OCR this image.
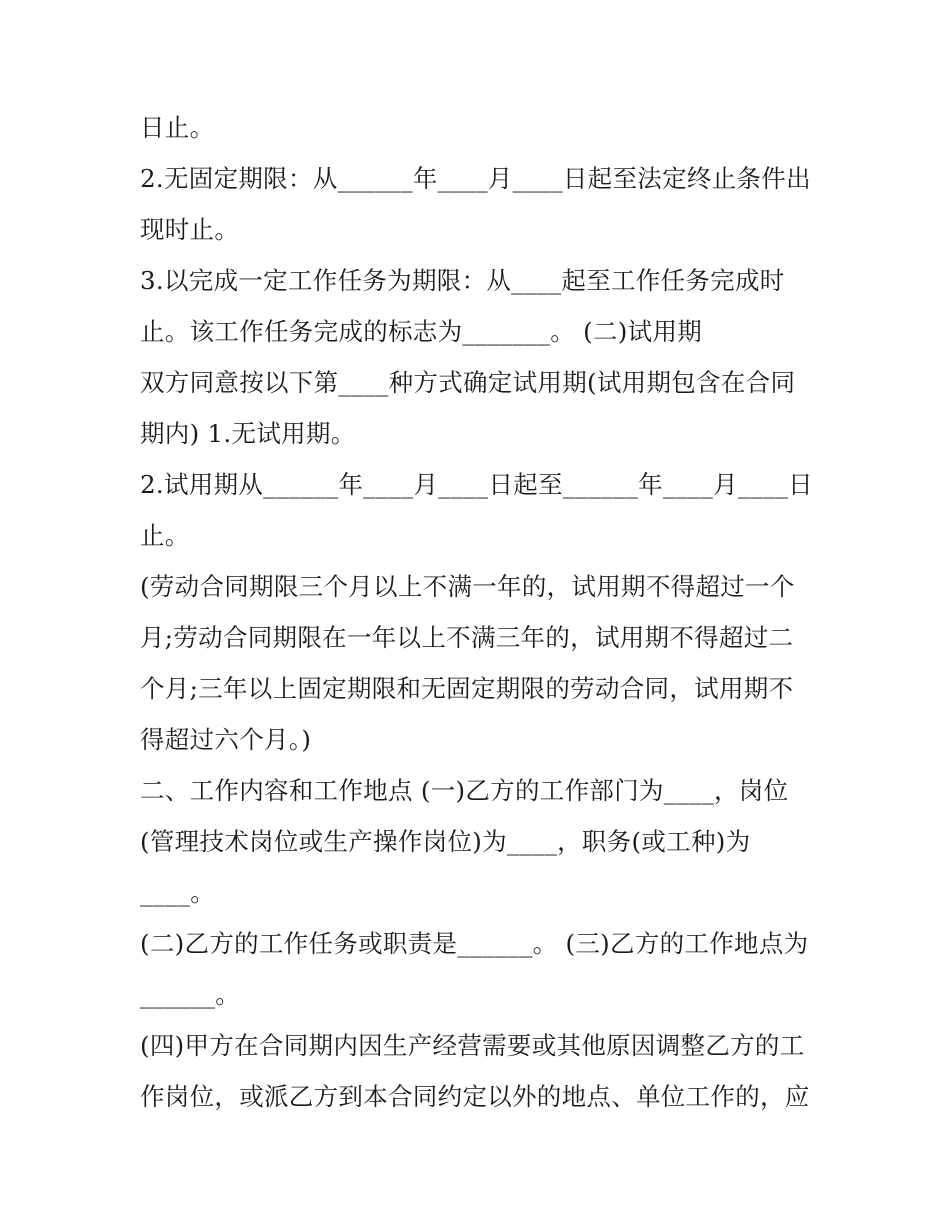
日止。

2.无固定期限：从______年____月____日起至法定终止条件出

现时止。

3.以完成一定工作任务为期限：从____起至工作任务完成时

止。该工作任务完成的标志为_______。 (二)试用期

双方同意按以下第____种方式确定试用期(试用期包含在合同

期内) 1.无试用期。

2.试用期从______年____月____日起至______年____月____日

止。

(劳动合同期限三个月以上不满一年的，试用期不得超过一个

月;劳动合同期限在一年以上不满三年的，试用期不得超过二

个月;三年以上固定期限和无固定期限的劳动合同，试用期不

得超过六个月。)

二、工作内容和工作地点 (一)乙方的工作部门为____，岗位

(管理技术岗位或生产操作岗位)为____，职务(或工种)为

____。

(二)乙方的工作任务或职责是______。 (三)乙方的工作地点为

______。

(四)甲方在合同期内因生产经营需要或其他原因调整乙方的工

作岗位，或派乙方到本合同约定以外的地点、单位工作的，应
